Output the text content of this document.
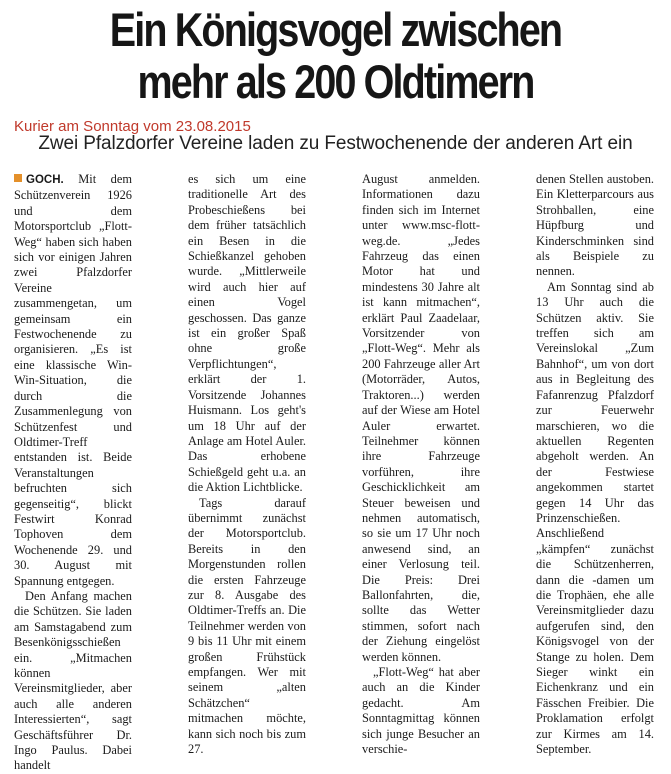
Ein Königsvogel zwischen
mehr als 200 Oldtimern
Kurier am Sonntag vom 23.08.2015
Zwei Pfalzdorfer Vereine laden zu Festwochenende der anderen Art ein

GOCH. Mit dem Schützenverein 1926 und dem Motorsportclub „Flott-Weg“ haben sich haben sich vor einigen Jahren zwei Pfalzdorfer Vereine zusammengetan, um gemeinsam ein Festwochenende zu organisieren. „Es ist eine klassische Win-Win-Situation, die durch die Zusammenlegung von Schützenfest und Oldtimer-Treff entstanden ist. Beide Veranstaltungen befruchten sich gegenseitig“, blickt Festwirt Konrad Tophoven dem Wochenende 29. und 30. August mit Spannung entgegen.

Den Anfang machen die Schützen. Sie laden am Samstagabend zum Besenkönigsschießen ein. „Mitmachen können Vereinsmitglieder, aber auch alle anderen Interessierten“, sagt Geschäftsführer Dr. Ingo Paulus. Dabei handelt

es sich um eine traditionelle Art des Probeschießens bei dem früher tatsächlich ein Besen in die Schießkanzel gehoben wurde. „Mittlerweile wird auch hier auf einen Vogel geschossen. Das ganze ist ein großer Spaß ohne große Verpflichtungen“, erklärt der 1. Vorsitzende Johannes Huismann. Los geht's um 18 Uhr auf der Anlage am Hotel Auler. Das erhobene Schießgeld geht u.a. an die Aktion Lichtblicke.

Tags darauf übernimmt zunächst der Motorsportclub. Bereits in den Morgenstunden rollen die ersten Fahrzeuge zur 8. Ausgabe des Oldtimer-Treffs an. Die Teilnehmer werden von 9 bis 11 Uhr mit einem großen Frühstück empfangen. Wer mit seinem „alten Schätzchen“ mitmachen möchte, kann sich noch bis zum 27.

August anmelden. Informationen dazu finden sich im Internet unter www.msc-flott-weg.de. „Jedes Fahrzeug das einen Motor hat und mindestens 30 Jahre alt ist kann mitmachen“, erklärt Paul Zaadelaar, Vorsitzender von „Flott-Weg“. Mehr als 200 Fahrzeuge aller Art (Motorräder, Autos, Traktoren...) werden auf der Wiese am Hotel Auler erwartet. Teilnehmer können ihre Fahrzeuge vorführen, ihre Geschicklichkeit am Steuer beweisen und nehmen automatisch, so sie um 17 Uhr noch anwesend sind, an einer Verlosung teil. Die Preis: Drei Ballonfahrten, die, sollte das Wetter stimmen, sofort nach der Ziehung eingelöst werden können.

„Flott-Weg“ hat aber auch an die Kinder gedacht. Am Sonntagmittag können sich junge Besucher an verschie-

denen Stellen austoben. Ein Kletterparcours aus Strohballen, eine Hüpfburg und Kinderschminken sind als Beispiele zu nennen.

Am Sonntag sind ab 13 Uhr auch die Schützen aktiv. Sie treffen sich am Vereinslokal „Zum Bahnhof“, um von dort aus in Begleitung des Fafanrenzug Pfalzdorf zur Feuerwehr marschieren, wo die aktuellen Regenten abgeholt werden. An der Festwiese angekommen startet gegen 14 Uhr das Prinzenschießen. Anschließend „kämpfen“ zunächst die Schützenherren, dann die -damen um die Trophäen, ehe alle Vereinsmitglieder dazu aufgerufen sind, den Königsvogel von der Stange zu holen. Dem Sieger winkt ein Eichenkranz und ein Fässchen Freibier. Die Proklamation erfolgt zur Kirmes am 14. September.
